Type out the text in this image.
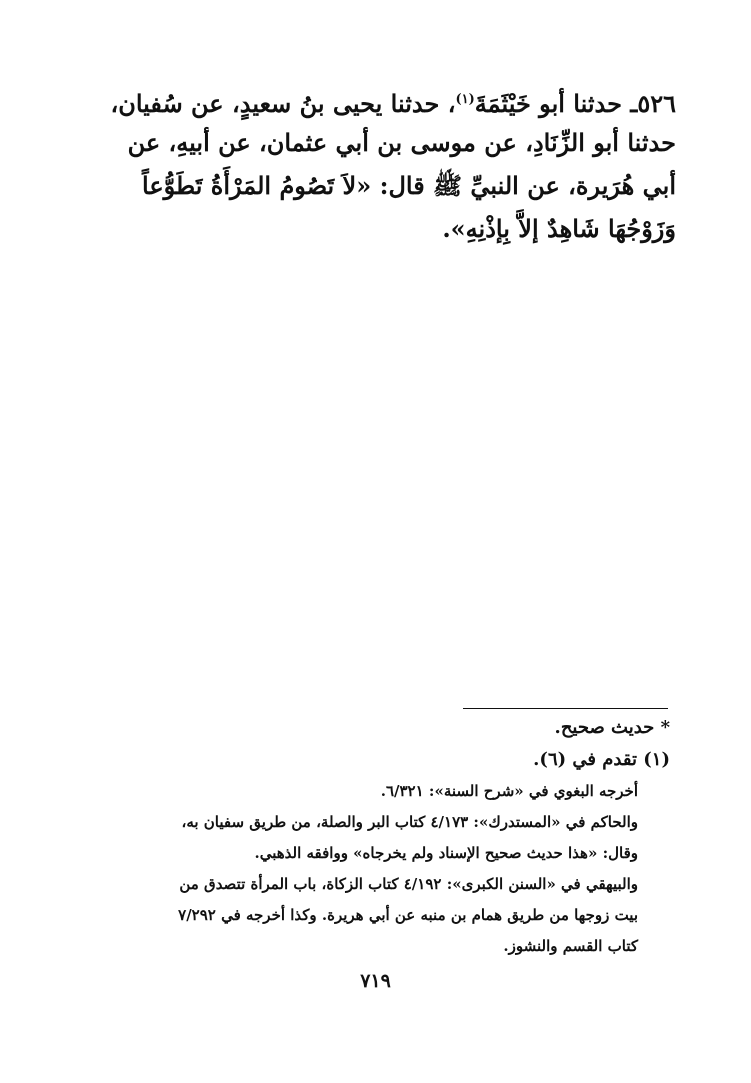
٥٢٦ـ حدثنا أبو خَيْثَمَةَ$^{(١)}$، حدثنا يحيى بنُ سعيدٍ، عن سُفيان،
حدثنا أبو الزِّنَادِ، عن موسى بن أبي عثمان، عن أبيهِ، عن
أبي هُرَيرة، عن النبيِّ ﷺ قال: «لاَ تَصُومُ المَرْأَةُ تَطَوُّعاً
وَزَوْجُهَا شَاهِدٌ إلاَّ بِإذْنِهِ».
* حديث صحيح.
(١) تقدم في (٦).
أخرجه البغوي في «شرح السنة»: ٦/٣٢١.
والحاكم في «المستدرك»: ٤/١٧٣ كتاب البر والصلة، من طريق سفيان به،
وقال: «هذا حديث صحيح الإسناد ولم يخرجاه» ووافقه الذهبي.
والبيهقي في «السنن الكبرى»: ٤/١٩٢ كتاب الزكاة، باب المرأة تتصدق من
بيت زوجها من طريق همام بن منبه عن أبي هريرة. وكذا أخرجه في ٧/٢٩٢
كتاب القسم والنشوز.
٧١٩
